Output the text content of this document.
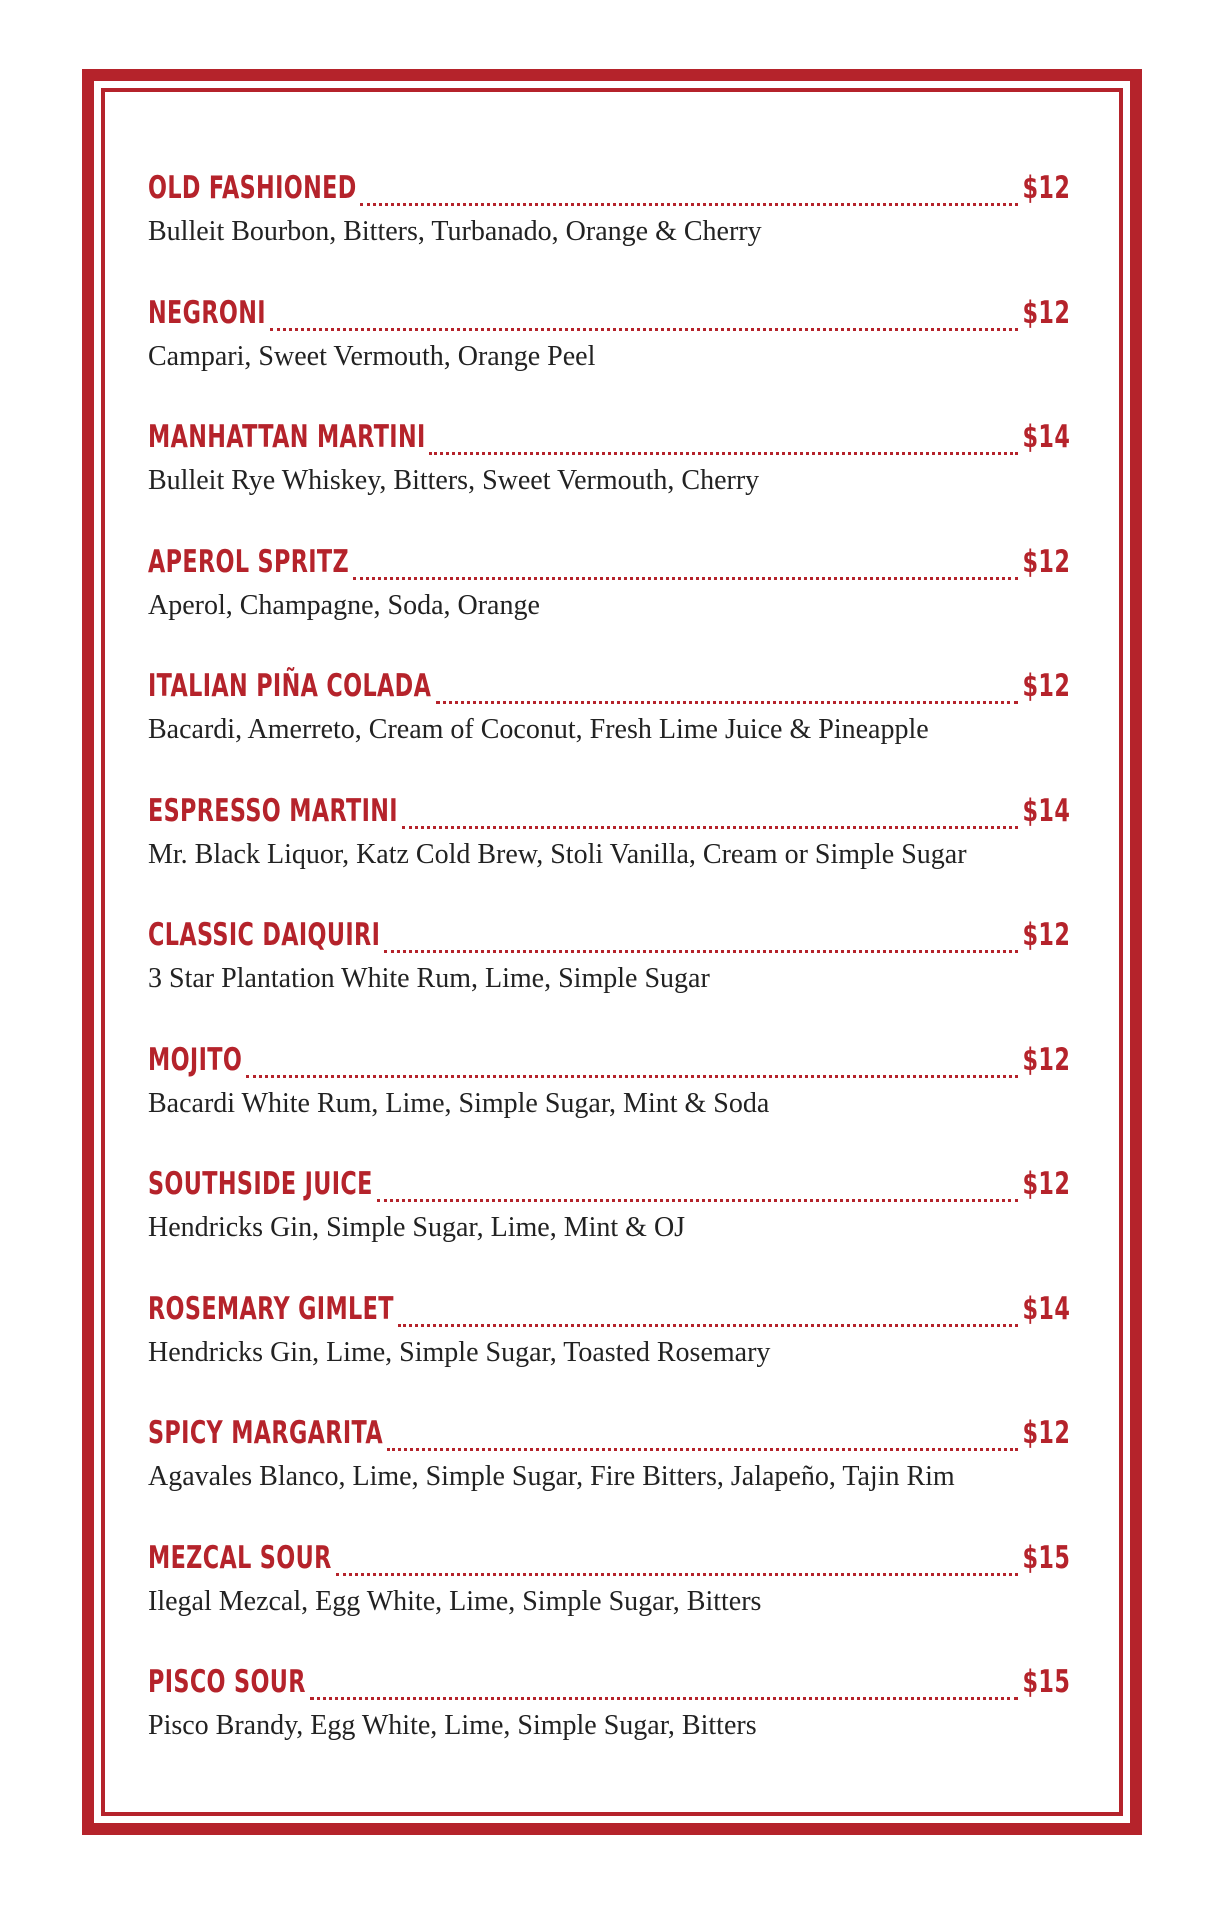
OLD FASHIONED	$12
Bulleit Bourbon, Bitters, Turbanado, Orange & Cherry
NEGRONI	$12
Campari, Sweet Vermouth, Orange Peel
MANHATTAN MARTINI	$14
Bulleit Rye Whiskey, Bitters, Sweet Vermouth, Cherry
APEROL SPRITZ	$12
Aperol, Champagne, Soda, Orange
ITALIAN PIÑA COLADA	$12
Bacardi, Amerreto, Cream of Coconut, Fresh Lime Juice & Pineapple
ESPRESSO MARTINI	$14
Mr. Black Liquor, Katz Cold Brew, Stoli Vanilla, Cream or Simple Sugar
CLASSIC DAIQUIRI	$12
3 Star Plantation White Rum, Lime, Simple Sugar
MOJITO	$12
Bacardi White Rum, Lime, Simple Sugar, Mint & Soda
SOUTHSIDE JUICE	$12
Hendricks Gin, Simple Sugar, Lime, Mint & OJ
ROSEMARY GIMLET	$14
Hendricks Gin, Lime, Simple Sugar, Toasted Rosemary
SPICY MARGARITA	$12
Agavales Blanco, Lime, Simple Sugar, Fire Bitters, Jalapeño, Tajin Rim
MEZCAL SOUR	$15
Ilegal Mezcal, Egg White, Lime, Simple Sugar, Bitters
PISCO SOUR	$15
Pisco Brandy, Egg White, Lime, Simple Sugar, Bitters
